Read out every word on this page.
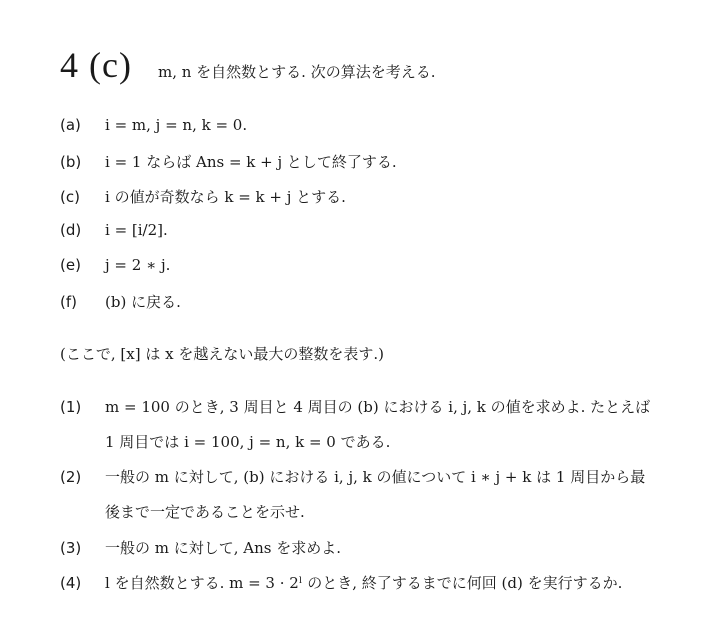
4 (c) m, n を自然数とする. 次の算法を考える.
(a) i = m, j = n, k = 0.
(b) i = 1 ならば Ans = k + j として終了する.
(c) i の値が奇数なら k = k + j とする.
(d) i = [i/2].
(e) j = 2 ∗ j.
(f) (b) に戻る.
(ここで, [x] は x を越えない最大の整数を表す.)
(1) m = 100 のとき, 3 周目と 4 周目の (b) における i, j, k の値を求めよ. たとえば
1 周目では i = 100, j = n, k = 0 である.
(2) 一般の m に対して, (b) における i, j, k の値について i ∗ j + k は 1 周目から最
後まで一定であることを示せ.
(3) 一般の m に対して, Ans を求めよ.
(4) l を自然数とする. m = 3 · 2ˡ のとき, 終了するまでに何回 (d) を実行するか.
